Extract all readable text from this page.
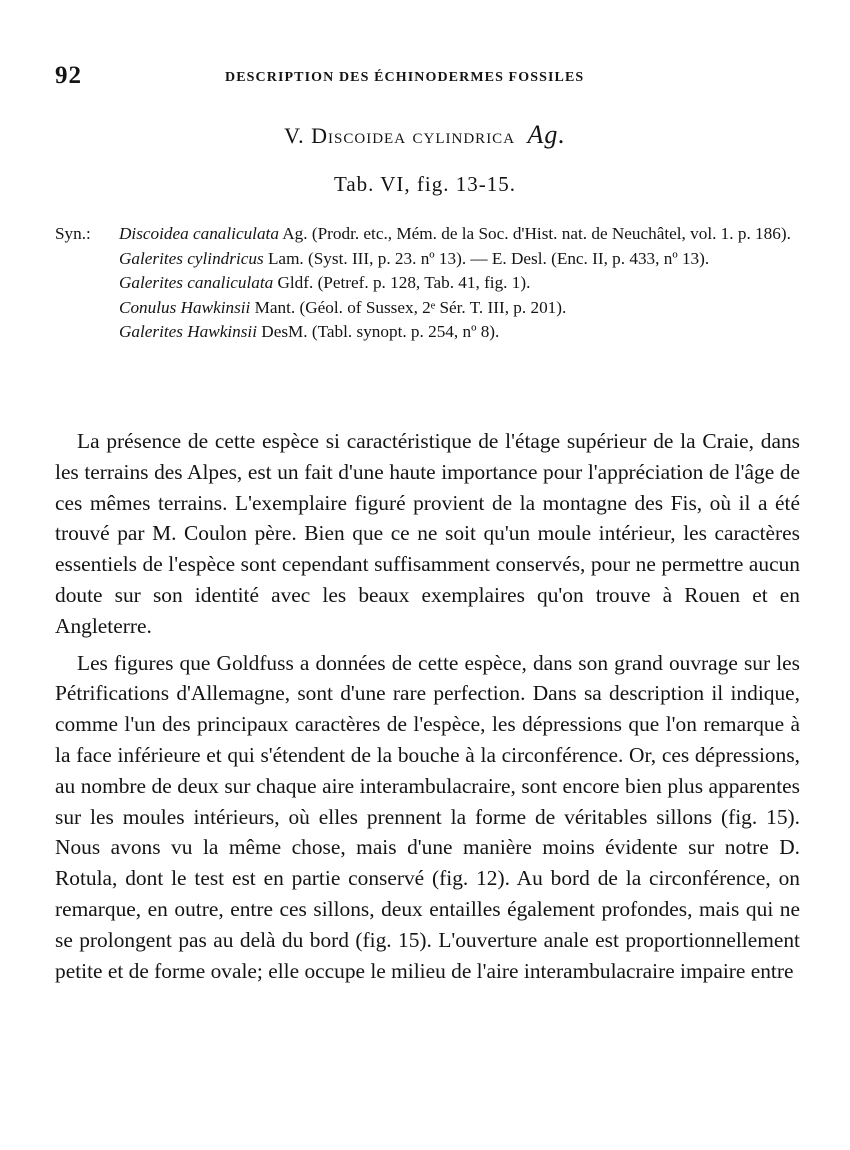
92	DESCRIPTION DES ÉCHINODERMES FOSSILES
V. Discoidea cylindrica Ag.
Tab. VI, fig. 13-15.
Syn.: Discoidea canaliculata Ag. (Prodr. etc., Mém. de la Soc. d'Hist. nat. de Neuchâtel, vol. 1. p. 186).
Galerites cylindricus Lam. (Syst. III, p. 23. nº 13). — E. Desl. (Enc. II, p. 433, nº 13).
Galerites canaliculata Gldf. (Petref. p. 128, Tab. 41, fig. 1).
Conulus Hawkinsii Mant. (Géol. of Sussex, 2ᵉ Sér. T. III, p. 201).
Galerites Hawkinsii DesM. (Tabl. synopt. p. 254, nº 8).

La présence de cette espèce si caractéristique de l'étage supérieur de la Craie, dans les terrains des Alpes, est un fait d'une haute importance pour l'appréciation de l'âge de ces mêmes terrains. L'exemplaire figuré provient de la montagne des Fis, où il a été trouvé par M. Coulon père. Bien que ce ne soit qu'un moule intérieur, les caractères essentiels de l'espèce sont cependant suffisamment conservés, pour ne permettre aucun doute sur son identité avec les beaux exemplaires qu'on trouve à Rouen et en Angleterre.

Les figures que Goldfuss a données de cette espèce, dans son grand ouvrage sur les Pétrifications d'Allemagne, sont d'une rare perfection. Dans sa description il indique, comme l'un des principaux caractères de l'espèce, les dépressions que l'on remarque à la face inférieure et qui s'étendent de la bouche à la circonférence. Or, ces dépressions, au nombre de deux sur chaque aire interambulacraire, sont encore bien plus apparentes sur les moules intérieurs, où elles prennent la forme de véritables sillons (fig. 15). Nous avons vu la même chose, mais d'une manière moins évidente sur notre D. Rotula, dont le test est en partie conservé (fig. 12). Au bord de la circonférence, on remarque, en outre, entre ces sillons, deux entailles également profondes, mais qui ne se prolongent pas au delà du bord (fig. 15). L'ouverture anale est proportionnellement petite et de forme ovale; elle occupe le milieu de l'aire interambulacraire impaire entre
